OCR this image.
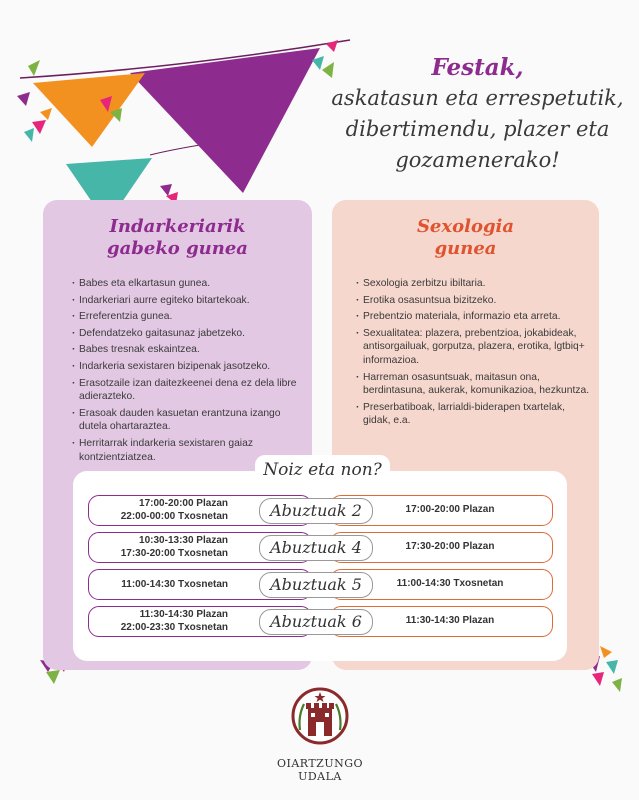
Festak,
askatasun eta errespetutik,
dibertimendu, plazer eta
gozamenerako!
Indarkeriarik
gabeko gunea
Sexologia
gunea
· Babes eta elkartasun gunea.
· Indarkeriari aurre egiteko bitartekoak.
· Erreferentzia gunea.
· Defendatzeko gaitasunaz jabetzeko.
· Babes tresnak eskaintzea.
· Indarkeria sexistaren bizipenak jasotzeko.
· Erasotzaile izan daitezkeenei dena ez dela libre adierazteko.
· Erasoak dauden kasuetan erantzuna izango dutela ohartaraztea.
· Herritarrak indarkeria sexistaren gaiaz kontzientziatzea.
· Sexologia zerbitzu ibiltaria.
· Erotika osasuntsua bizitzeko.
· Prebentzio materiala, informazio eta arreta.
· Sexualitatea: plazera, prebentzioa, jokabideak, antisorgailuak, gorputza, plazera, erotika, lgtbiq+ informazioa.
· Harreman osasuntsuak, maitasun ona, berdintasuna, aukerak, komunikazioa, hezkuntza.
· Preserbatiboak, larrialdi-biderapen txartelak, gidak, e.a.
Noiz eta non?
17:00-20:00 Plazan
22:00-00:00 Txosnetan
17:00-20:00 Plazan
Abuztuak 2
10:30-13:30 Plazan
17:30-20:00 Txosnetan
17:30-20:00 Plazan
Abuztuak 4
11:00-14:30 Txosnetan	11:00-14:30 Txosnetan
Abuztuak 5
11:30-14:30 Plazan
22:00-23:30 Txosnetan
11:30-14:30 Plazan
Abuztuak 6
OIARTZUNGO
UDALA
